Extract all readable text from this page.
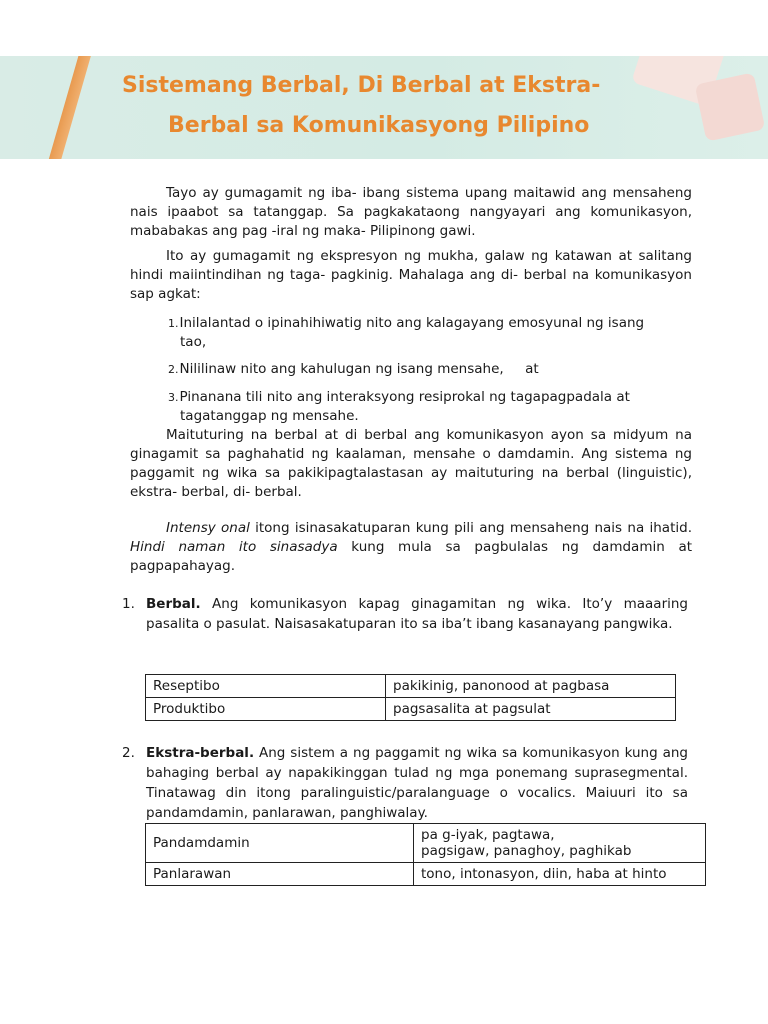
Sistemang Berbal, Di Berbal at Ekstra-
Berbal sa Komunikasyong Pilipino

Tayo ay gumagamit ng iba- ibang sistema upang maitawid ang mensaheng nais ipaabot sa tatanggap. Sa pagkakataong nangyayari ang komunikasyon, mababakas ang pag -iral ng maka- Pilipinong gawi.

Ito ay gumagamit ng ekspresyon ng mukha, galaw ng katawan at salitang hindi maiintindihan ng taga- pagkinig. Mahalaga ang di- berbal na komunikasyon sap agkat:

1.Inilalantad o ipinahihiwatig nito ang kalagayang emosyunal ng isang
tao,
2.Nililinaw nito ang kahulugan ng isang mensahe,     at
3.Pinanana tili nito ang interaksyong resiprokal ng tagapagpadala at
tagatanggap ng mensahe.

Maituturing na berbal at di berbal ang komunikasyon ayon sa midyum na ginagamit sa paghahatid ng kaalaman, mensahe o damdamin. Ang sistema ng paggamit ng wika sa pakikipagtalastasan ay maituturing na berbal (linguistic), ekstra- berbal, di- berbal.

Intensy onal itong isinasakatuparan kung pili ang mensaheng nais na ihatid. Hindi naman ito sinasadya kung mula sa pagbulalas ng damdamin at pagpapahayag.

1. Berbal. Ang komunikasyon kapag ginagamitan ng wika. Ito’y maaaring pasalita o pasulat. Naisasakatuparan ito sa iba’t ibang kasanayang pangwika.
Reseptibo	pakikinig, panonood at pagbasa
Produktibo	pagsasalita at pagsulat
2. Ekstra-berbal. Ang sistem a ng paggamit ng wika sa komunikasyon kung ang bahaging berbal ay napakikinggan tulad ng mga ponemang suprasegmental. Tinatawag din itong paralinguistic/paralanguage o vocalics. Maiuuri ito sa pandamdamin, panlarawan, panghiwalay.
Pandamdamin	pa g-iyak, pagtawa,
pagsigaw, panaghoy, paghikab
Panlarawan	tono, intonasyon, diin, haba at hinto
